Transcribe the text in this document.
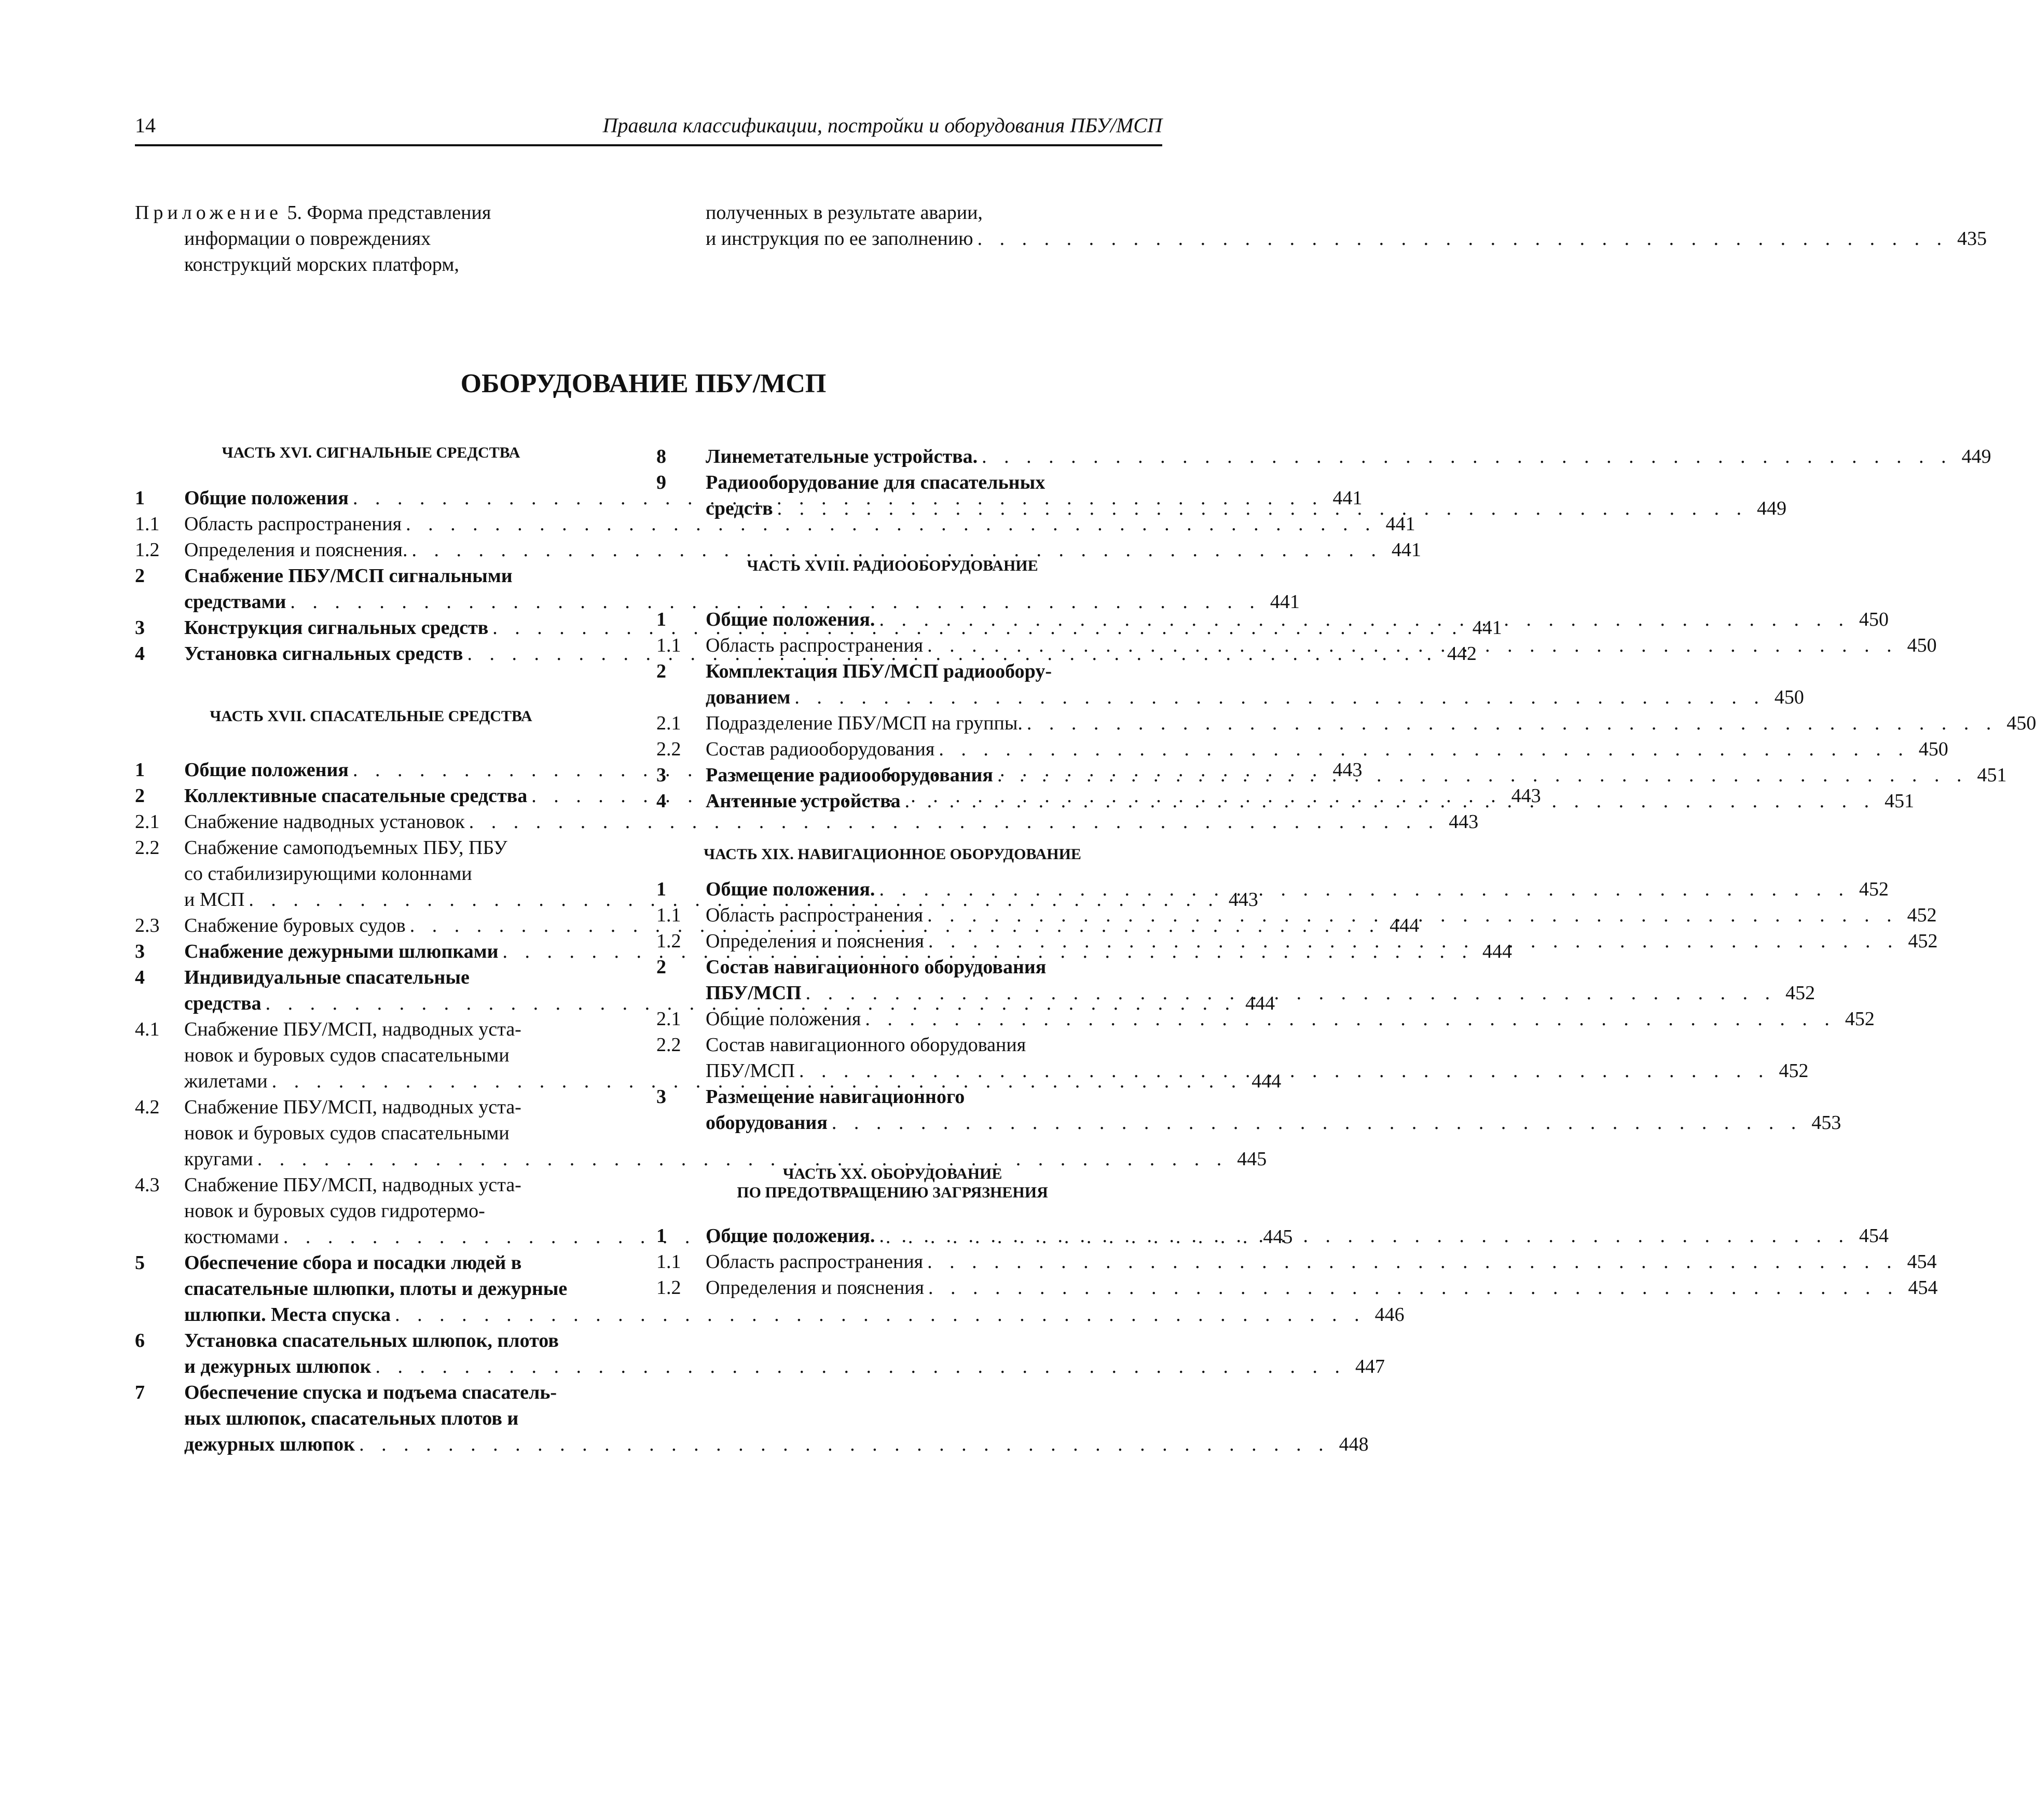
14	Правила классификации, постройки и оборудования ПБУ/МСП
Приложение 5. Форма представления
информации о повреждениях
конструкций морских платформ,
полученных в результате аварии,
и инструкция по ее заполнению . . .	435
ОБОРУДОВАНИЕ ПБУ/МСП
ЧАСТЬ XVI. СИГНАЛЬНЫЕ СРЕДСТВА
1	Общие положения . . .	441
1.1	Область распространения . . .	441
1.2	Определения и пояснения. . . .	441
2	Снабжение ПБУ/МСП сигнальными
средствами . . .	441
3	Конструкция сигнальных средств . . .	441
4	Установка сигнальных средств . . .	442
ЧАСТЬ XVII. СПАСАТЕЛЬНЫЕ СРЕДСТВА
1	Общие положения . . .	443
2	Коллективные спасательные средства . . .	443
2.1	Снабжение надводных установок . . .	443
2.2	Снабжение самоподъемных ПБУ, ПБУ
со стабилизирующими колоннами
и МСП . . .	443
2.3	Снабжение буровых судов . . .	444
3	Снабжение дежурными шлюпками . . .	444
4	Индивидуальные спасательные
средства . . .	444
4.1	Снабжение ПБУ/МСП, надводных уста-
новок и буровых судов спасательными
жилетами . . .	444
4.2	Снабжение ПБУ/МСП, надводных уста-
новок и буровых судов спасательными
кругами . . .	445
4.3	Снабжение ПБУ/МСП, надводных уста-
новок и буровых судов гидротермо-
костюмами . . .	445
5	Обеспечение сбора и посадки людей в
спасательные шлюпки, плоты и дежурные
шлюпки. Места спуска . . .	446
6	Установка спасательных шлюпок, плотов
и дежурных шлюпок . . .	447
7	Обеспечение спуска и подъема спасатель-
ных шлюпок, спасательных плотов и
дежурных шлюпок . . .	448
8	Линеметательные устройства. . . .	449
9	Радиооборудование для спасательных
средств . . .	449
ЧАСТЬ XVIII. РАДИООБОРУДОВАНИЕ
1	Общие положения. . . .	450
1.1	Область распространения . . .	450
2	Комплектация ПБУ/МСП радиообору-
дованием . . .	450
2.1	Подразделение ПБУ/МСП на группы. . . .	450
2.2	Состав радиооборудования . . .	450
3	Размещение радиооборудования . . .	451
4	Антенные устройства . . .	451
ЧАСТЬ XIX. НАВИГАЦИОННОЕ ОБОРУДОВАНИЕ
1	Общие положения. . . .	452
1.1	Область распространения . . .	452
1.2	Определения и пояснения . . .	452
2	Состав навигационного оборудования
ПБУ/МСП . . .	452
2.1	Общие положения . . .	452
2.2	Состав навигационного оборудования
ПБУ/МСП . . .	452
3	Размещение навигационного
оборудования . . .	453
ЧАСТЬ XX. ОБОРУДОВАНИЕ
ПО ПРЕДОТВРАЩЕНИЮ ЗАГРЯЗНЕНИЯ
1	Общие положения. . . .	454
1.1	Область распространения . . .	454
1.2	Определения и пояснения . . .	454
